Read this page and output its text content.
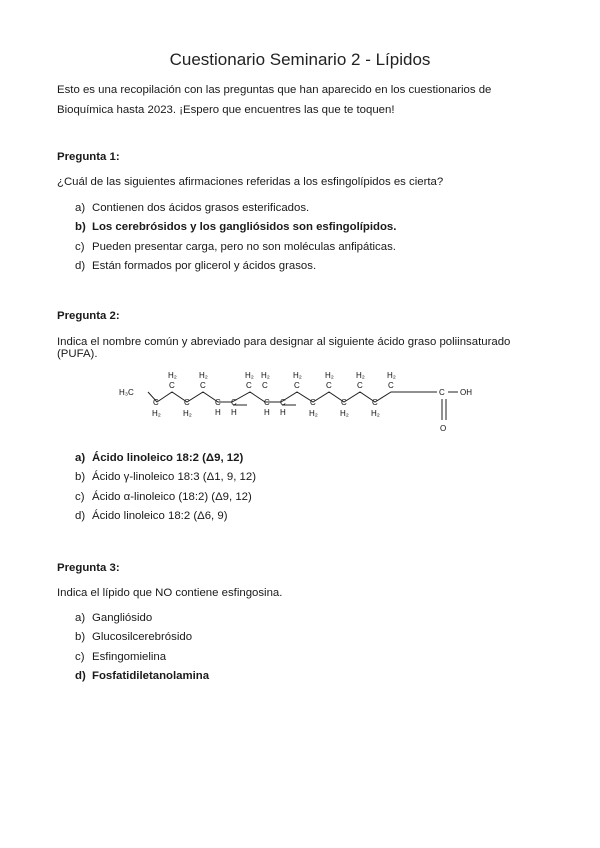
Cuestionario Seminario 2 - Lípidos
Esto es una recopilación con las preguntas que han aparecido en los cuestionarios de Bioquímica hasta 2023. ¡Espero que encuentres las que te toquen!
Pregunta 1:
¿Cuál de las siguientes afirmaciones referidas a los esfingolípidos es cierta?
a) Contienen dos ácidos grasos esterificados.
b) Los cerebrósidos y los gangliósidos son esfingolípidos.
c) Pueden presentar carga, pero no son moléculas anfipáticas.
d) Están formados por glicerol y ácidos grasos.
Pregunta 2:
Indica el nombre común y abreviado para designar al siguiente ácido graso poliinsaturado (PUFA).
H₃C
C
H₂
C
H₂
C
H₂
C
H₂
C
H
C
H
C
H₂
C
H₂
C
H
C
H
C
H₂
C
H₂
C
H₂
C
H₂
C
H₂
C
H₂
C
H₂
C OH
O
a) Ácido linoleico 18:2 (Δ9, 12)
b) Ácido γ-linoleico 18:3 (Δ1, 9, 12)
c) Ácido α-linoleico (18:2) (Δ9, 12)
d) Ácido linoleico 18:2 (Δ6, 9)
Pregunta 3:
Indica el lípido que NO contiene esfingosina.
a) Gangliósido
b) Glucosilcerebrósido
c) Esfingomielina
d) Fosfatidiletanolamina
